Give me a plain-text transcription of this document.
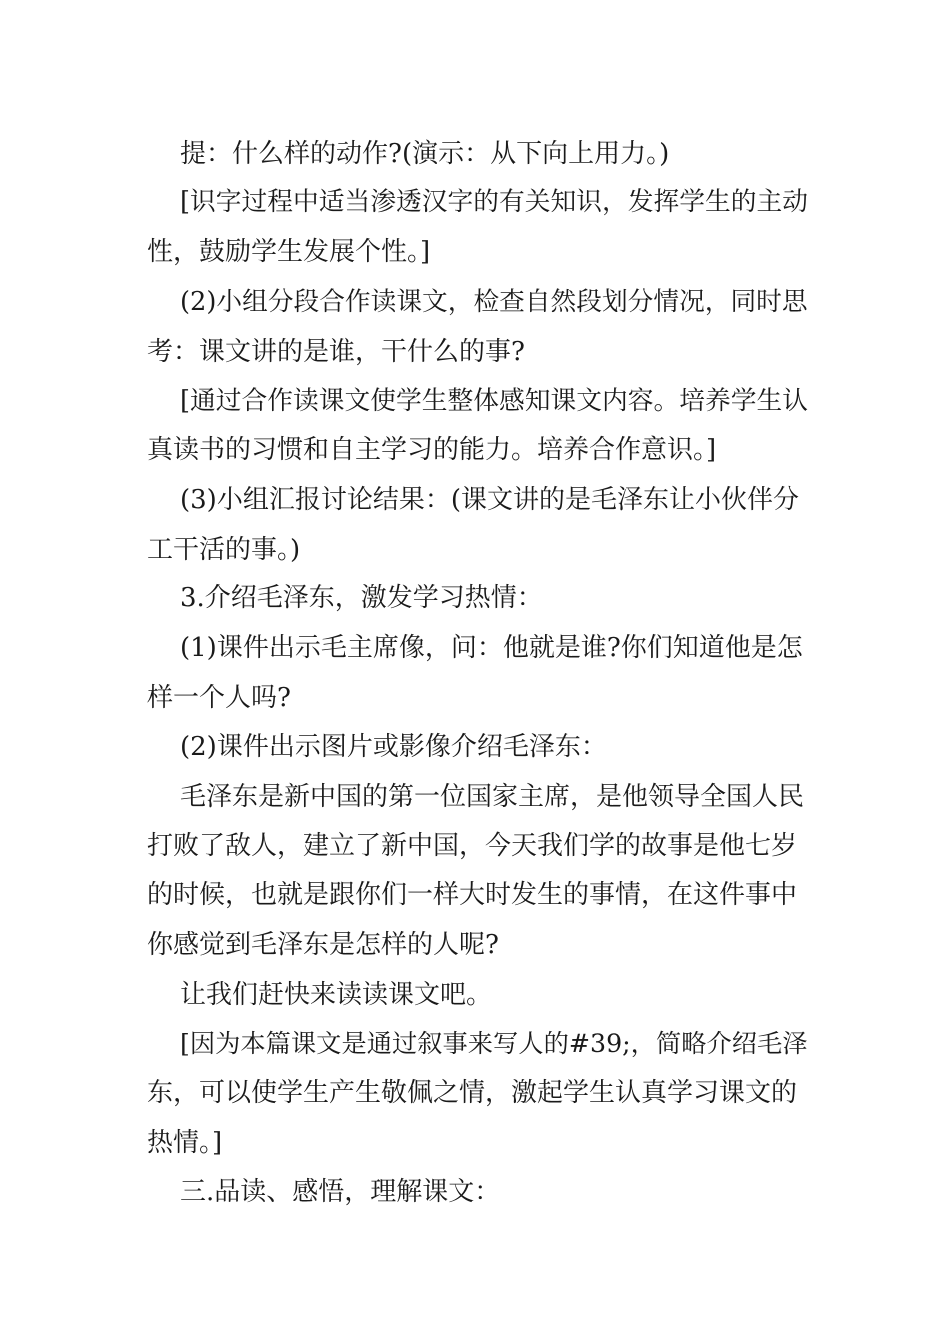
提：什么样的动作?(演示：从下向上用力。)
[识字过程中适当渗透汉字的有关知识，发挥学生的主动
性，鼓励学生发展个性。]
(2)小组分段合作读课文，检查自然段划分情况，同时思
考：课文讲的是谁，干什么的事?
[通过合作读课文使学生整体感知课文内容。培养学生认
真读书的习惯和自主学习的能力。培养合作意识。]
(3)小组汇报讨论结果：(课文讲的是毛泽东让小伙伴分
工干活的事。)
3.介绍毛泽东，激发学习热情：
(1)课件出示毛主席像，问：他就是谁?你们知道他是怎
样一个人吗?
(2)课件出示图片或影像介绍毛泽东：
毛泽东是新中国的第一位国家主席，是他领导全国人民
打败了敌人，建立了新中国，今天我们学的故事是他七岁
的时候，也就是跟你们一样大时发生的事情，在这件事中
你感觉到毛泽东是怎样的人呢?
让我们赶快来读读课文吧。
[因为本篇课文是通过叙事来写人的#39;，简略介绍毛泽
东，可以使学生产生敬佩之情，激起学生认真学习课文的
热情。]
三.品读、感悟，理解课文：
